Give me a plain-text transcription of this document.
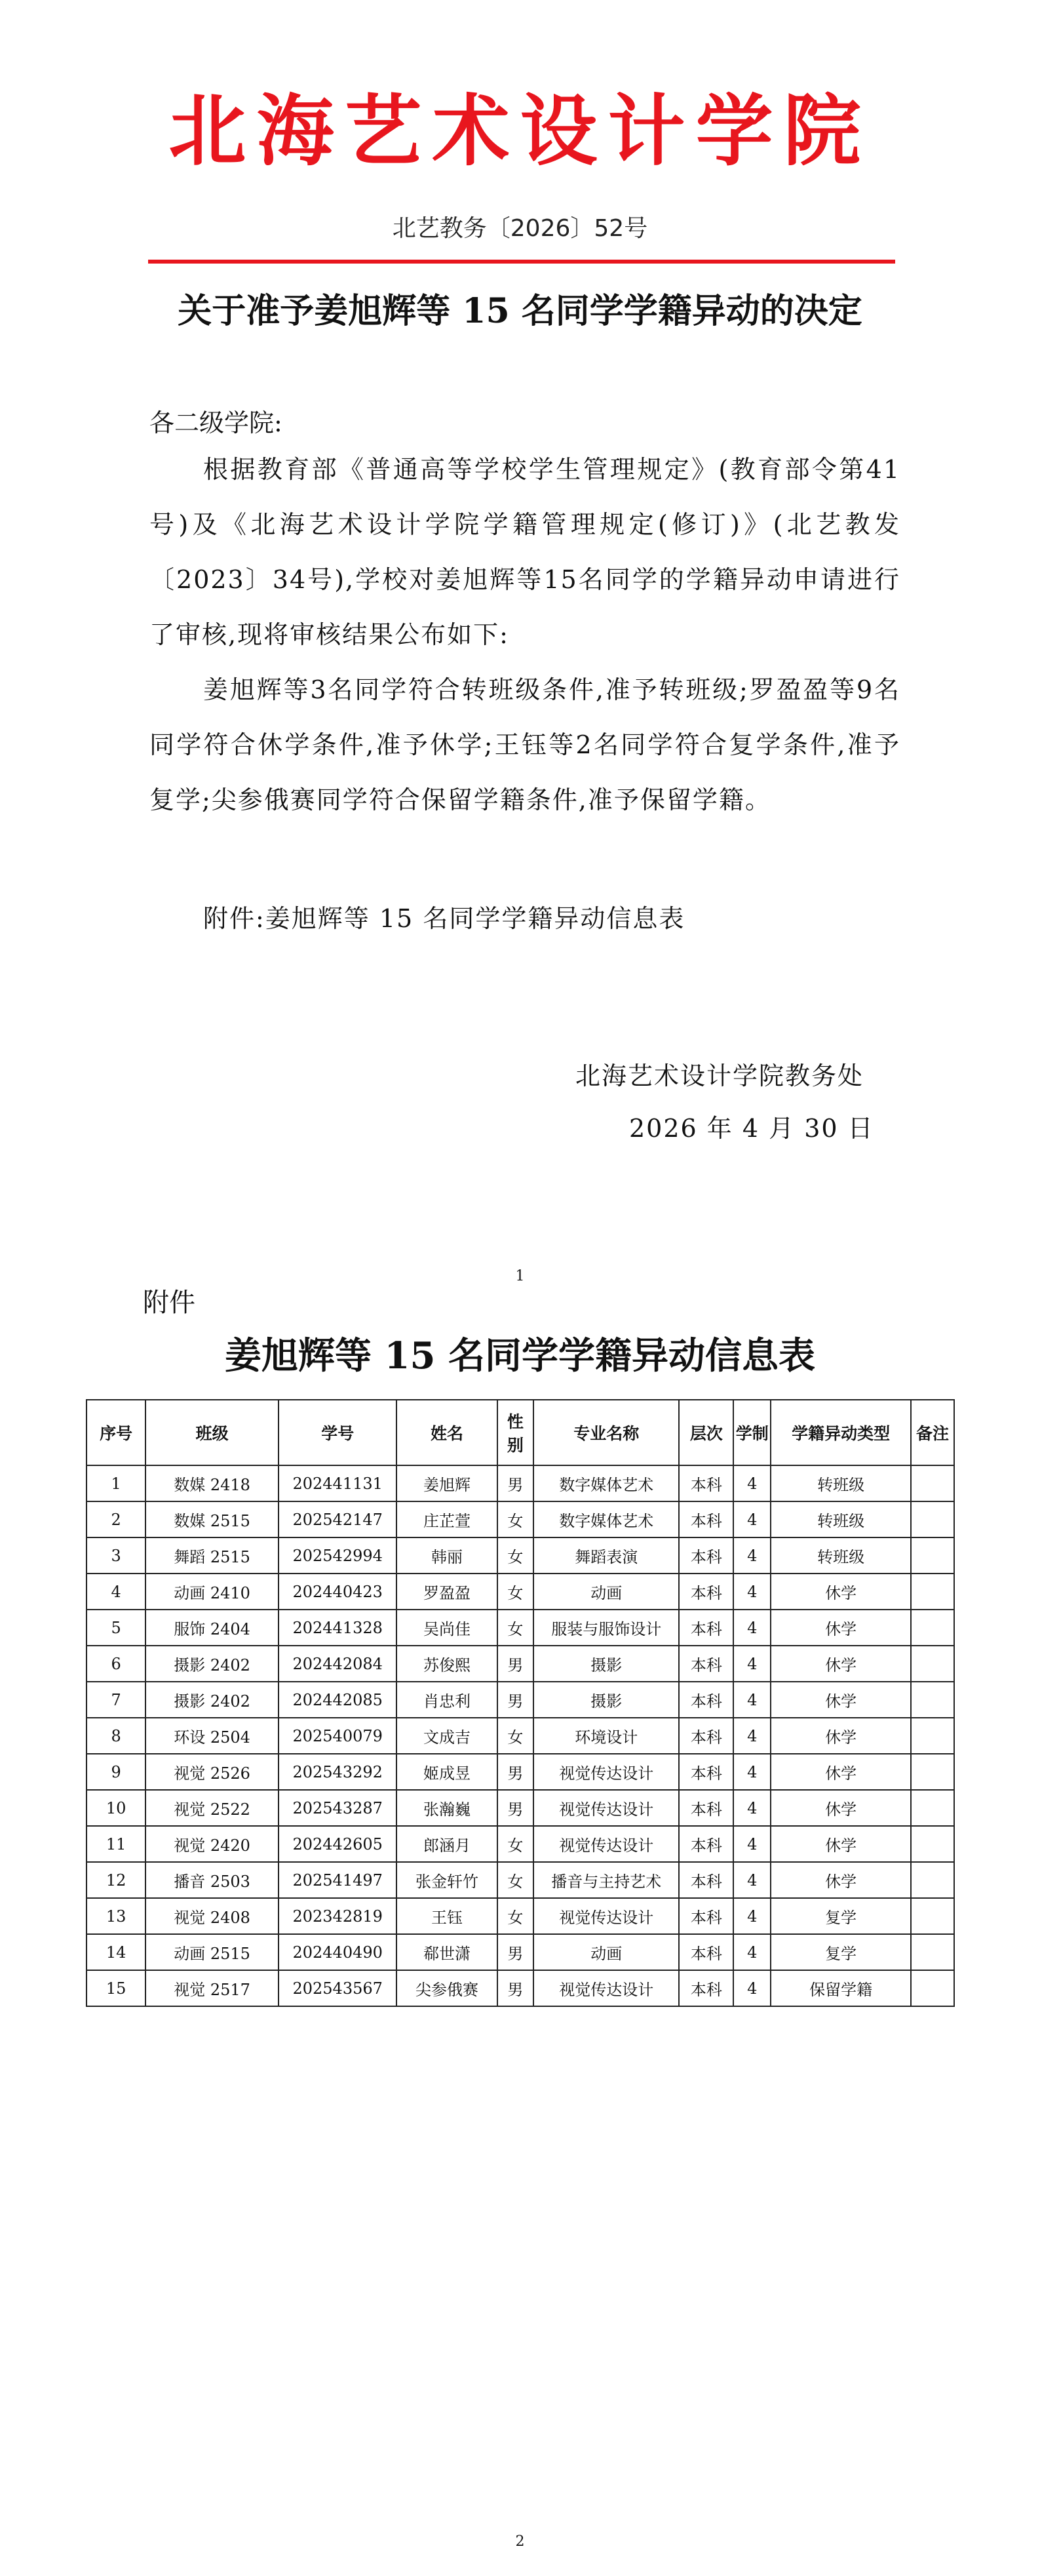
北海艺术设计学院
北艺教务〔2026〕52号
关于准予姜旭辉等 15 名同学学籍异动的决定
各二级学院:
根据教育部《普通高等学校学生管理规定》(教育部令第41号)及《北海艺术设计学院学籍管理规定(修订)》(北艺教发〔2023〕34号),学校对姜旭辉等15名同学的学籍异动申请进行了审核,现将审核结果公布如下:
姜旭辉等3名同学符合转班级条件,准予转班级;罗盈盈等9名同学符合休学条件,准予休学;王钰等2名同学符合复学条件,准予复学;尖参俄赛同学符合保留学籍条件,准予保留学籍。
附件:姜旭辉等 15 名同学学籍异动信息表
北海艺术设计学院教务处
2026 年 4 月 30 日
1
附件
姜旭辉等 15 名同学学籍异动信息表
序号	班级	学号	姓名	性别	专业名称	层次	学制	学籍异动类型	备注
1	数媒 2418	202441131	姜旭辉	男	数字媒体艺术	本科	4	转班级	
2	数媒 2515	202542147	庄芷萱	女	数字媒体艺术	本科	4	转班级	
3	舞蹈 2515	202542994	韩丽	女	舞蹈表演	本科	4	转班级	
4	动画 2410	202440423	罗盈盈	女	动画	本科	4	休学	
5	服饰 2404	202441328	吴尚佳	女	服装与服饰设计	本科	4	休学	
6	摄影 2402	202442084	苏俊熙	男	摄影	本科	4	休学	
7	摄影 2402	202442085	肖忠利	男	摄影	本科	4	休学	
8	环设 2504	202540079	文成吉	女	环境设计	本科	4	休学	
9	视觉 2526	202543292	姬成昱	男	视觉传达设计	本科	4	休学	
10	视觉 2522	202543287	张瀚巍	男	视觉传达设计	本科	4	休学	
11	视觉 2420	202442605	郎涵月	女	视觉传达设计	本科	4	休学	
12	播音 2503	202541497	张金轩竹	女	播音与主持艺术	本科	4	休学	
13	视觉 2408	202342819	王钰	女	视觉传达设计	本科	4	复学	
14	动画 2515	202440490	郗世潇	男	动画	本科	4	复学	
15	视觉 2517	202543567	尖参俄赛	男	视觉传达设计	本科	4	保留学籍	
2
